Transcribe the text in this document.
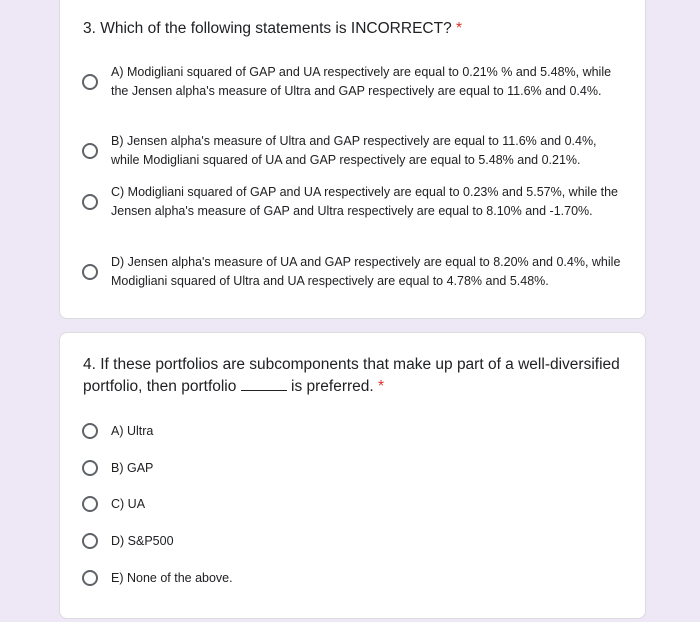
3. Which of the following statements is INCORRECT? *
A) Modigliani squared of GAP and UA respectively are equal to 0.21% % and 5.48%, while the Jensen alpha's measure of Ultra and GAP respectively are equal to 11.6% and 0.4%.
B) Jensen alpha's measure of Ultra and GAP respectively are equal to 11.6% and 0.4%, while Modigliani squared of UA and GAP respectively are equal to 5.48% and 0.21%.
C) Modigliani squared of GAP and UA respectively are equal to 0.23% and 5.57%, while the Jensen alpha's measure of GAP and Ultra respectively are equal to 8.10% and -1.70%.
D) Jensen alpha's measure of UA and GAP respectively are equal to 8.20% and 0.4%, while Modigliani squared of Ultra and UA respectively are equal to 4.78% and 5.48%.
4. If these portfolios are subcomponents that make up part of a well-diversified portfolio, then portfolio	is preferred. *
A) Ultra
B) GAP
C) UA
D) S&P500
E) None of the above.
